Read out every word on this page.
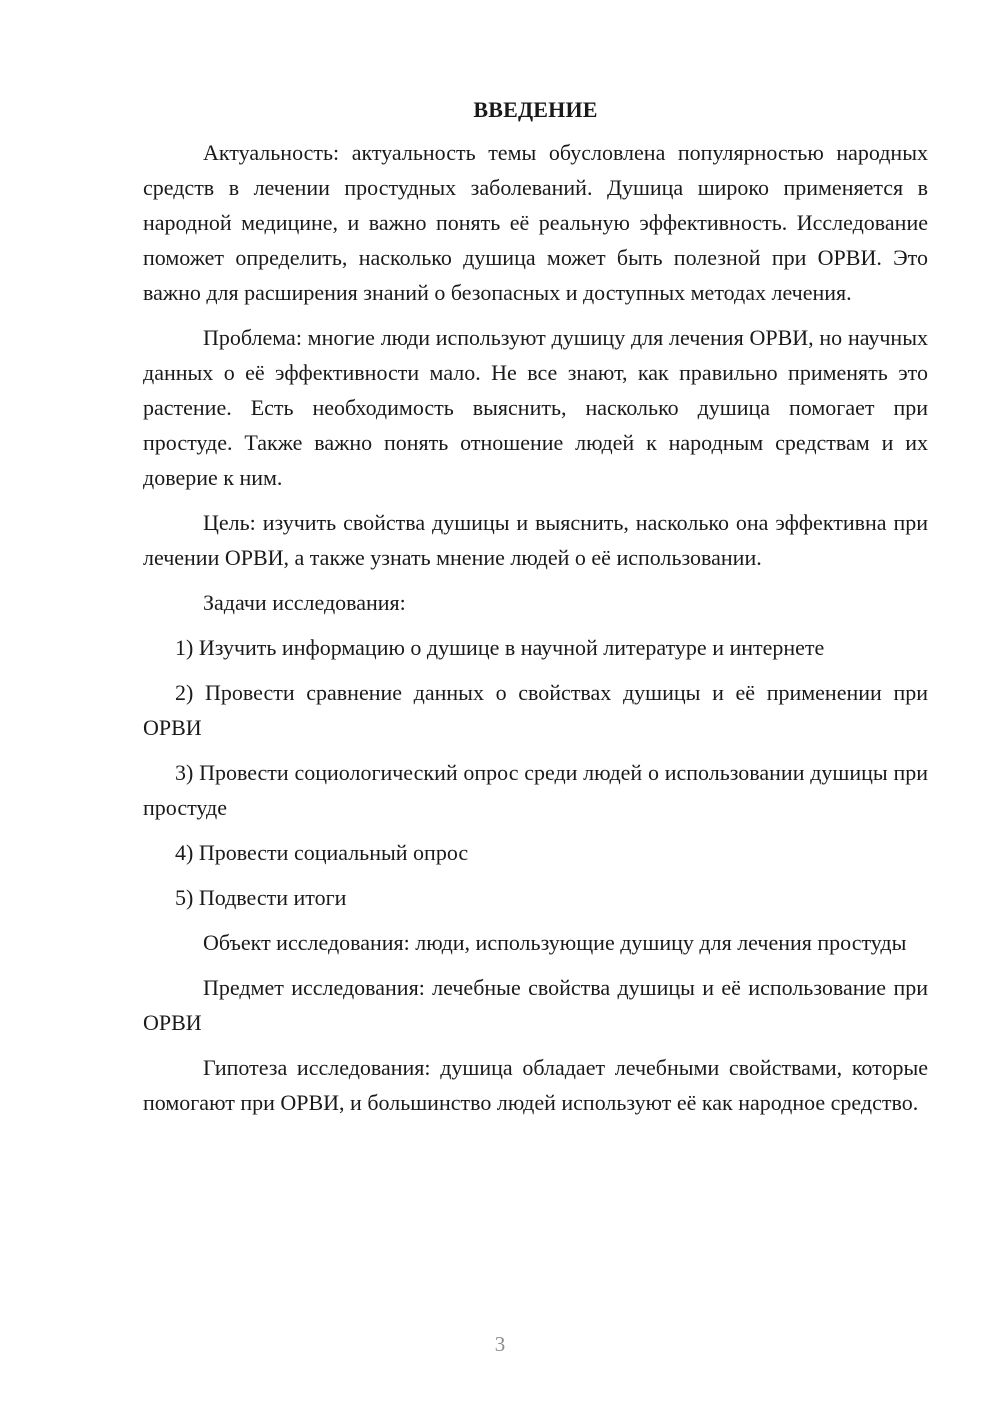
ВВЕДЕНИЕ

Актуальность: актуальность темы обусловлена популярностью народных средств в лечении простудных заболеваний. Душица широко применяется в народной медицине, и важно понять её реальную эффективность. Исследование поможет определить, насколько душица может быть полезной при ОРВИ. Это важно для расширения знаний о безопасных и доступных методах лечения.

Проблема: многие люди используют душицу для лечения ОРВИ, но научных данных о её эффективности мало. Не все знают, как правильно применять это растение. Есть необходимость выяснить, насколько душица помогает при простуде. Также важно понять отношение людей к народным средствам и их доверие к ним.

Цель: изучить свойства душицы и выяснить, насколько она эффективна при лечении ОРВИ, а также узнать мнение людей о её использовании.

Задачи исследования:

1) Изучить информацию о душице в научной литературе и интернете

2) Провести сравнение данных о свойствах душицы и её применении при ОРВИ

3) Провести социологический опрос среди людей о использовании душицы при простуде

4) Провести социальный опрос

5) Подвести итоги

Объект исследования: люди, использующие душицу для лечения простуды

Предмет исследования: лечебные свойства душицы и её использование при ОРВИ

Гипотеза исследования: душица обладает лечебными свойствами, которые помогают при ОРВИ, и большинство людей используют её как народное средство.

3
